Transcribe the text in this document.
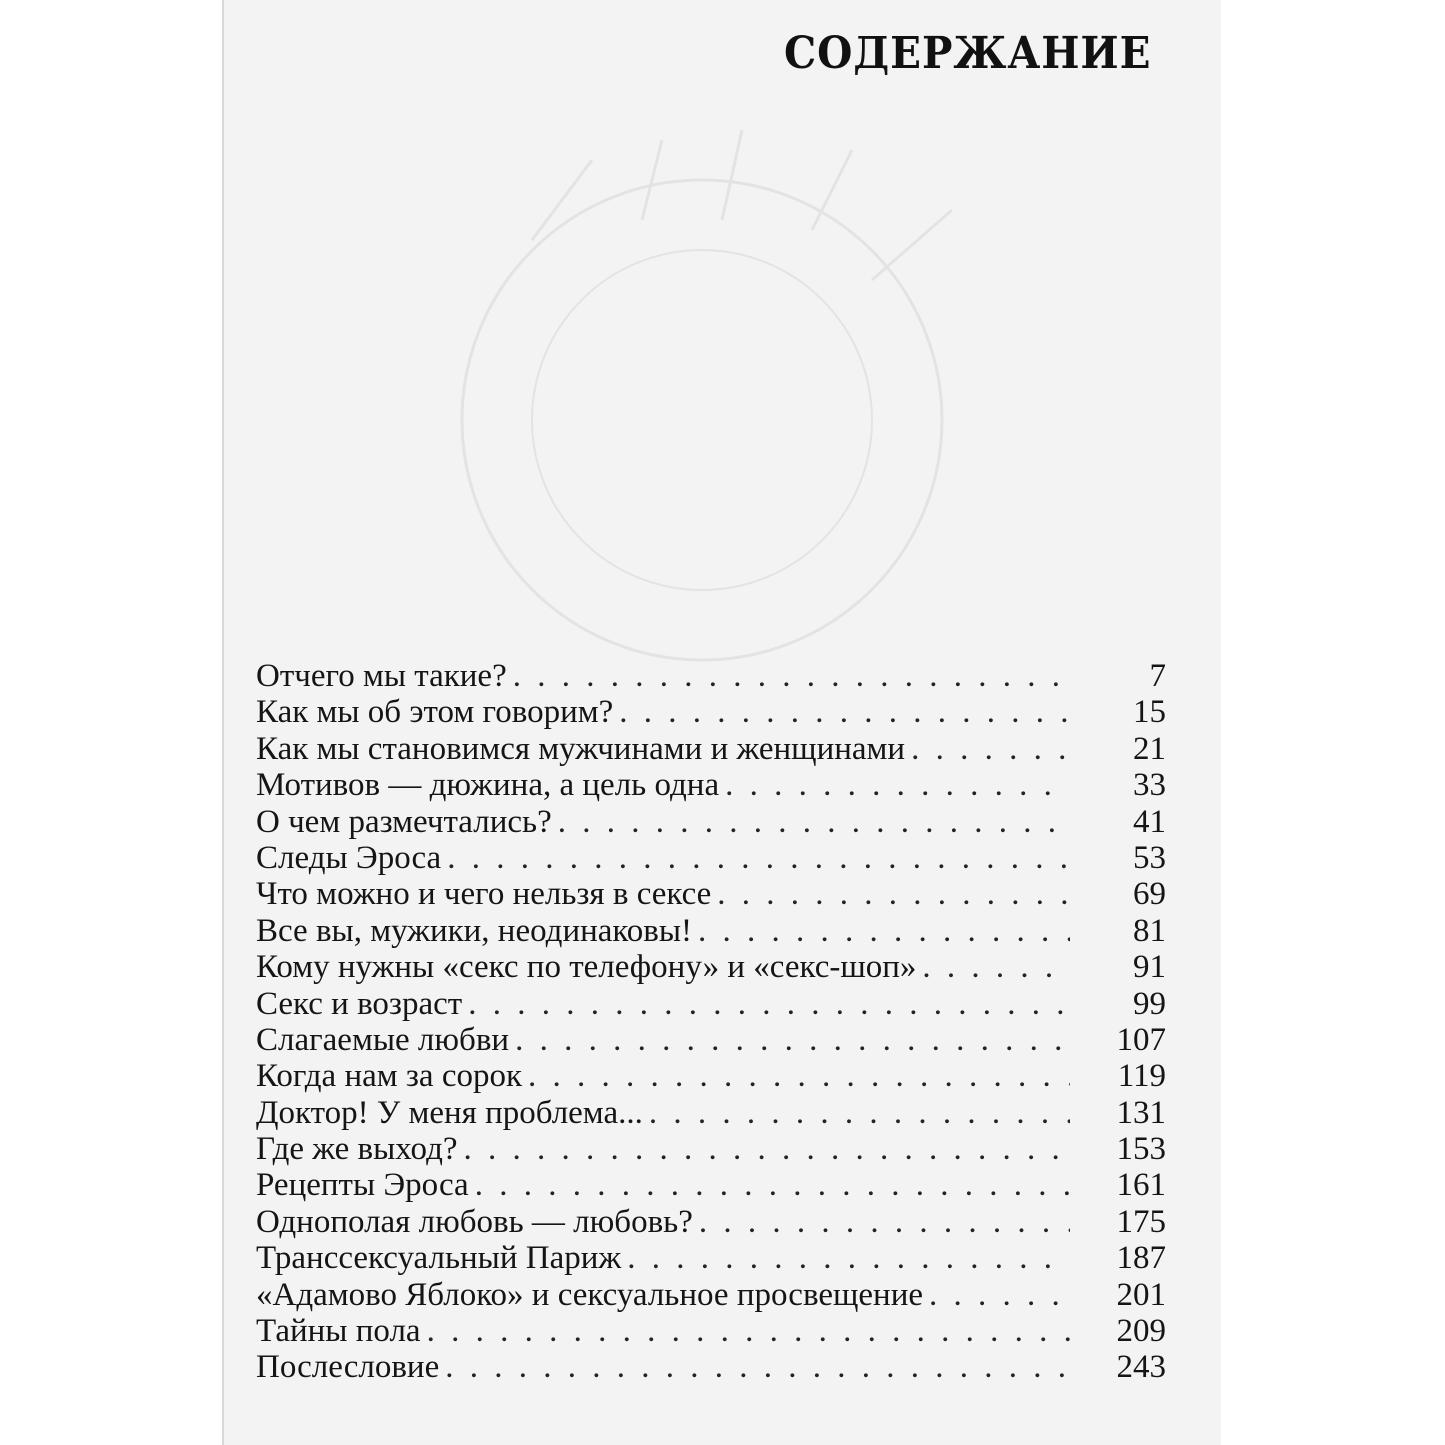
СОДЕРЖАНИЕ
Отчего мы такие? . . .	7
Как мы об этом говорим? . . .	15
Как мы становимся мужчинами и женщинами . . .	21
Мотивов — дюжина, а цель одна . . .	33
О чем размечтались? . . .	41
Следы Эроса . . .	53
Что можно и чего нельзя в сексе . . .	69
Все вы, мужики, неодинаковы! . . .	81
Кому нужны «секс по телефону» и «секс-шоп» . . .	91
Секс и возраст . . .	99
Слагаемые любви . . .	107
Когда нам за сорок . . .	119
Доктор! У меня проблема... . . .	131
Где же выход? . . .	153
Рецепты Эроса . . .	161
Однополая любовь — любовь? . . .	175
Транссексуальный Париж . . .	187
«Адамово Яблоко» и сексуальное просвещение . . .	201
Тайны пола . . .	209
Послесловие . . .	243
